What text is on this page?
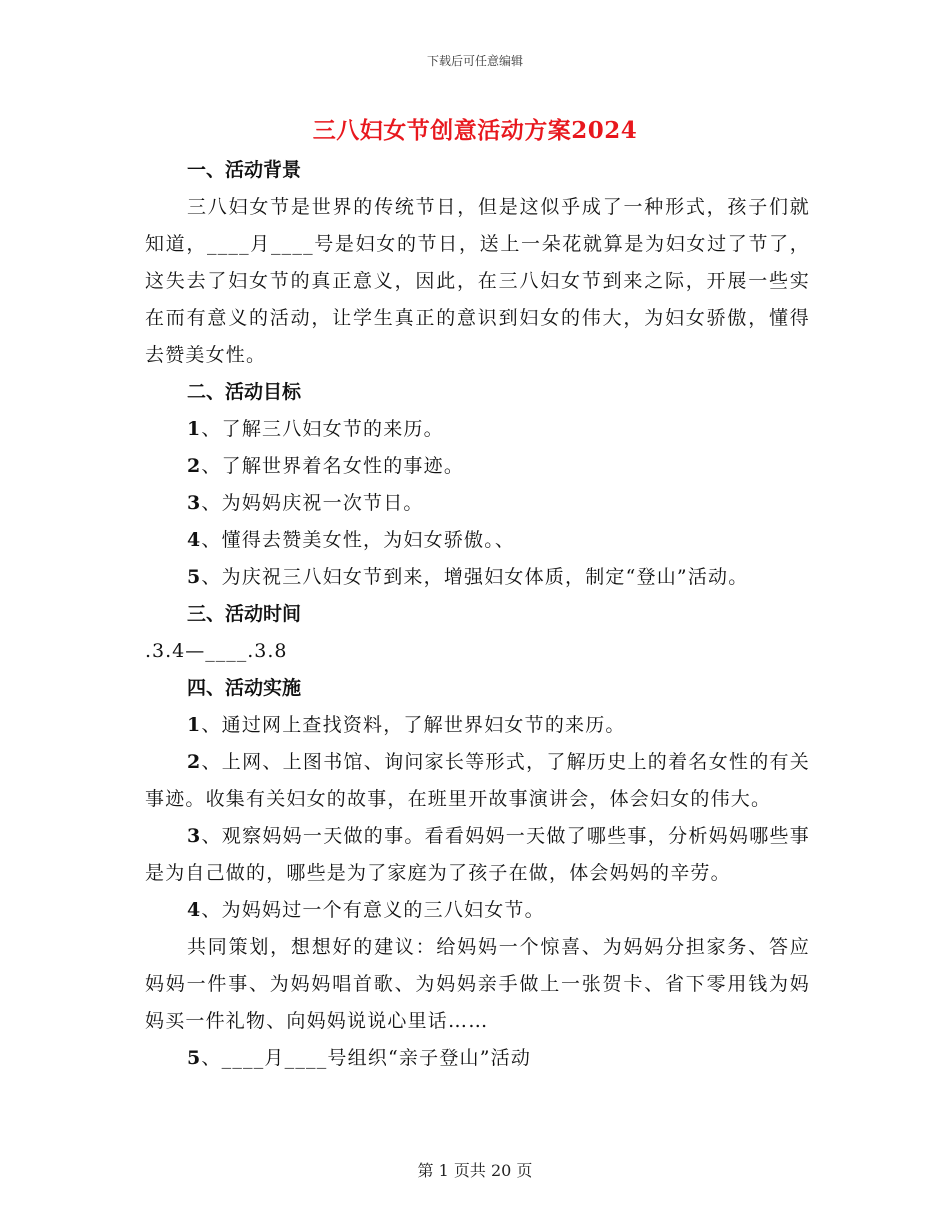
下载后可任意编辑
三八妇女节创意活动方案2024

一、活动背景

三八妇女节是世界的传统节日，但是这似乎成了一种形式，孩子们就知道，____月____号是妇女的节日，送上一朵花就算是为妇女过了节了，这失去了妇女节的真正意义，因此，在三八妇女节到来之际，开展一些实在而有意义的活动，让学生真正的意识到妇女的伟大，为妇女骄傲，懂得去赞美女性。

二、活动目标

1、了解三八妇女节的来历。

2、了解世界着名女性的事迹。

3、为妈妈庆祝一次节日。

4、懂得去赞美女性，为妇女骄傲。、

5、为庆祝三八妇女节到来，增强妇女体质，制定“登山”活动。

三、活动时间

.3.4—____.3.8

四、活动实施

1、通过网上查找资料，了解世界妇女节的来历。

2、上网、上图书馆、询问家长等形式，了解历史上的着名女性的有关事迹。收集有关妇女的故事，在班里开故事演讲会，体会妇女的伟大。

3、观察妈妈一天做的事。看看妈妈一天做了哪些事，分析妈妈哪些事是为自己做的，哪些是为了家庭为了孩子在做，体会妈妈的辛劳。

4、为妈妈过一个有意义的三八妇女节。

共同策划，想想好的建议：给妈妈一个惊喜、为妈妈分担家务、答应妈妈一件事、为妈妈唱首歌、为妈妈亲手做上一张贺卡、省下零用钱为妈妈买一件礼物、向妈妈说说心里话……

5、____月____号组织“亲子登山”活动

第 1 页共 20 页
